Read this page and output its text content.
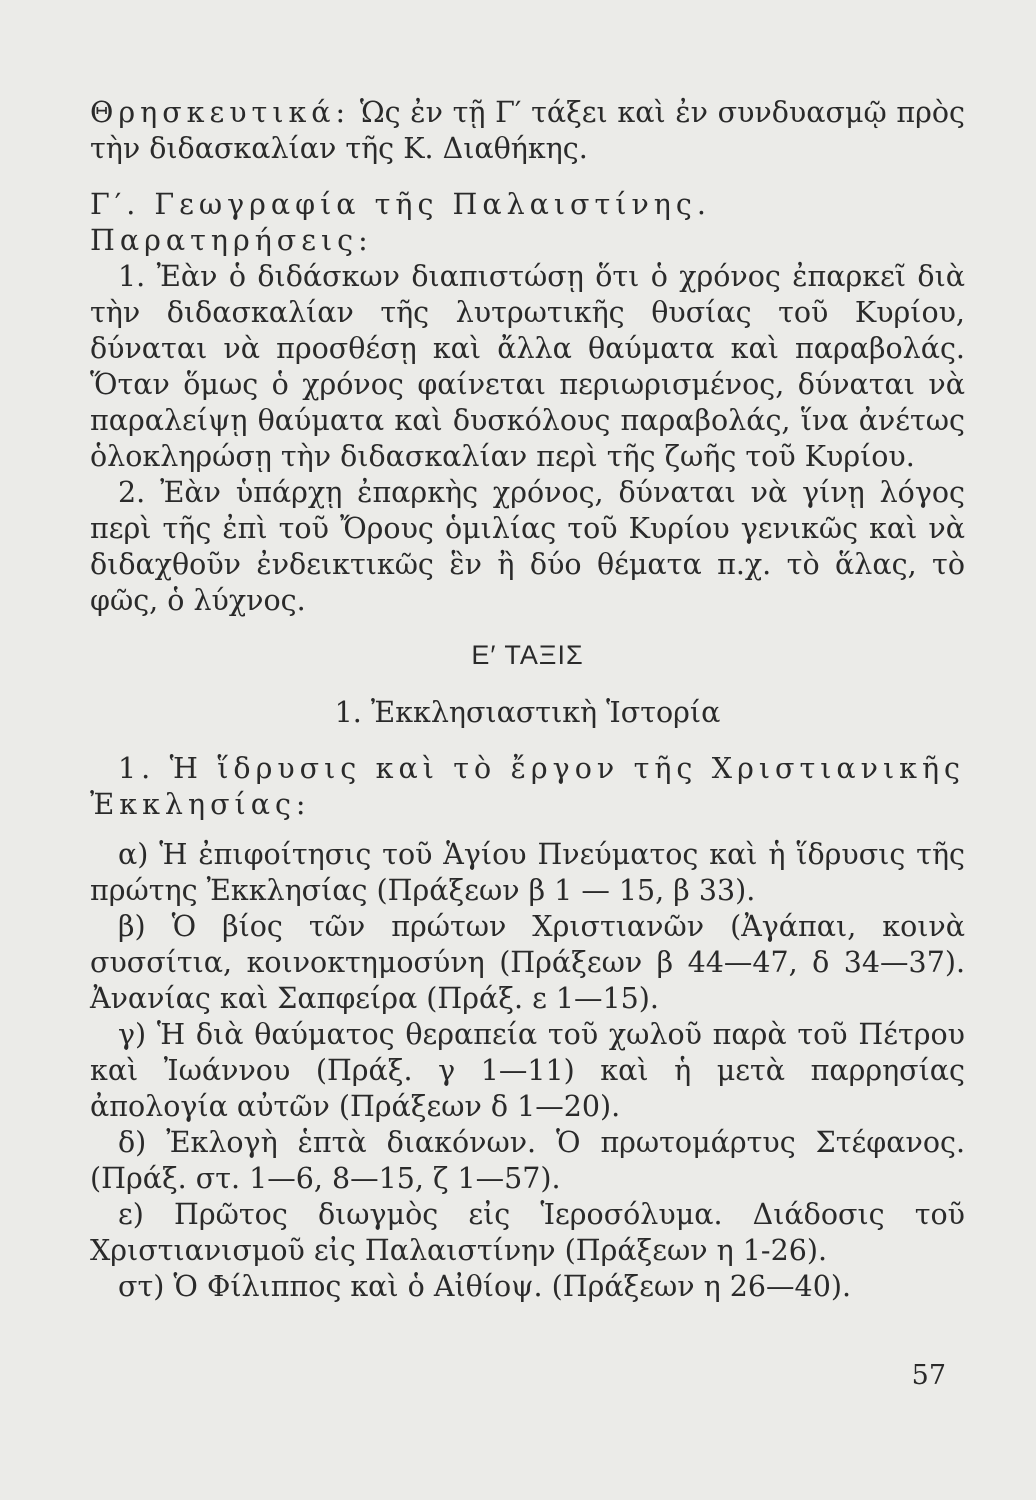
Θρησκευτικά: Ὡς ἐν τῇ Γ′ τάξει καὶ ἐν συνδυασμῷ πρὸς τὴν διδασκαλίαν τῆς Κ. Διαθήκης.

Γ′. Γεωγραφία τῆς Παλαιστίνης.

Παρατηρήσεις:

1. Ἐὰν ὁ διδάσκων διαπιστώσῃ ὅτι ὁ χρόνος ἐπαρκεῖ διὰ τὴν διδασκαλίαν τῆς λυτρωτικῆς θυσίας τοῦ Κυρίου, δύναται νὰ προσθέσῃ καὶ ἄλλα θαύματα καὶ παραβολάς. Ὅταν ὅμως ὁ χρόνος φαίνεται περιωρισμένος, δύναται νὰ παραλείψῃ θαύματα καὶ δυσκόλους παραβολάς, ἵνα ἀνέτως ὁλοκληρώσῃ τὴν διδασκαλίαν περὶ τῆς ζωῆς τοῦ Κυρίου.

2. Ἐὰν ὑπάρχῃ ἐπαρκὴς χρόνος, δύναται νὰ γίνῃ λόγος περὶ τῆς ἐπὶ τοῦ Ὄρους ὁμιλίας τοῦ Κυρίου γενικῶς καὶ νὰ διδαχθοῦν ἐνδεικτικῶς ἓν ἢ δύο θέματα π.χ. τὸ ἅλας, τὸ φῶς, ὁ λύχνος.

Ε′ ΤΑΞΙΣ

1. Ἐκκλησιαστικὴ Ἱστορία

1. Ἡ ἵδρυσις καὶ τὸ ἔργον τῆς Χριστιανικῆς Ἐκκλησίας:

α) Ἡ ἐπιφοίτησις τοῦ Ἁγίου Πνεύματος καὶ ἡ ἵδρυσις τῆς πρώτης Ἐκκλησίας (Πράξεων β 1 — 15, β 33).

β) Ὁ βίος τῶν πρώτων Χριστιανῶν (Ἀγάπαι, κοινὰ συσσίτια, κοινοκτημοσύνη (Πράξεων β 44—47, δ 34—37). Ἀνανίας καὶ Σαπφείρα (Πράξ. ε 1—15).

γ) Ἡ διὰ θαύματος θεραπεία τοῦ χωλοῦ παρὰ τοῦ Πέτρου καὶ Ἰωάννου (Πράξ. γ 1—11) καὶ ἡ μετὰ παρρησίας ἀπολογία αὐτῶν (Πράξεων δ 1—20).

δ) Ἐκλογὴ ἑπτὰ διακόνων. Ὁ πρωτομάρτυς Στέφανος. (Πράξ. στ. 1—6, 8—15, ζ 1—57).

ε) Πρῶτος διωγμὸς εἰς Ἱεροσόλυμα. Διάδοσις τοῦ Χριστιανισμοῦ εἰς Παλαιστίνην (Πράξεων η 1-26).

στ) Ὁ Φίλιππος καὶ ὁ Αἰθίοψ. (Πράξεων η 26—40).

57
